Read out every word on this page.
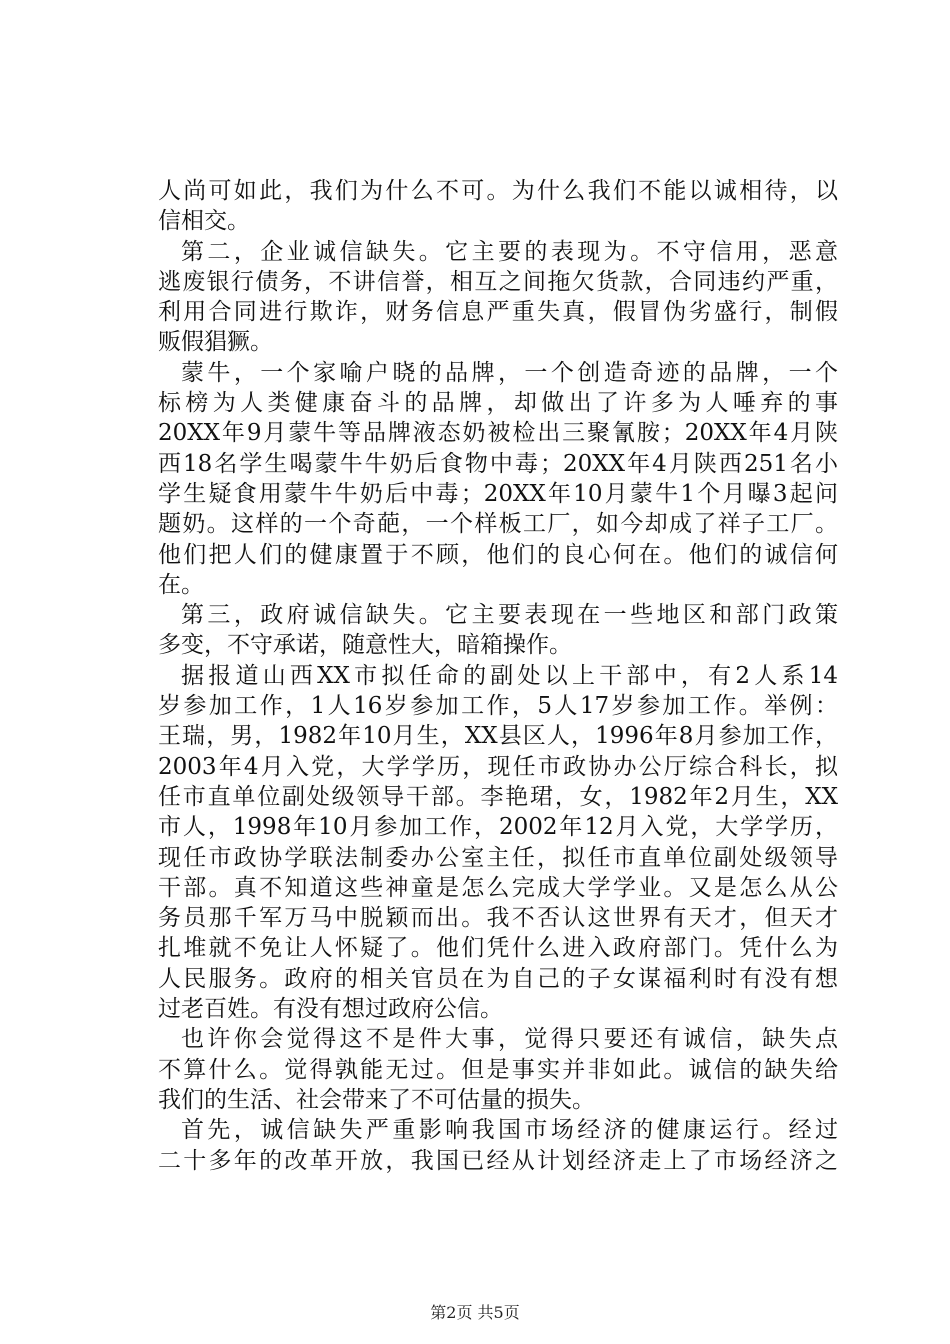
人尚可如此，我们为什么不可。为什么我们不能以诚相待，以
信相交。
第二，企业诚信缺失。它主要的表现为。不守信用，恶意
逃废银行债务，不讲信誉，相互之间拖欠货款，合同违约严重，
利用合同进行欺诈，财务信息严重失真，假冒伪劣盛行，制假
贩假猖獗。
蒙牛，一个家喻户晓的品牌，一个创造奇迹的品牌，一个
标榜为人类健康奋斗的品牌，却做出了许多为人唾弃的事
20XX年9月蒙牛等品牌液态奶被检出三聚氰胺；20XX年4月陕
西18名学生喝蒙牛牛奶后食物中毒；20XX年4月陕西251名小
学生疑食用蒙牛牛奶后中毒；20XX年10月蒙牛1个月曝3起问
题奶。这样的一个奇葩，一个样板工厂，如今却成了祥子工厂。
他们把人们的健康置于不顾，他们的良心何在。他们的诚信何
在。
第三，政府诚信缺失。它主要表现在一些地区和部门政策
多变，不守承诺，随意性大，暗箱操作。
据报道山西XX市拟任命的副处以上干部中，有2人系14
岁参加工作，1人16岁参加工作，5人17岁参加工作。举例：
王瑞，男，1982年10月生，XX县区人，1996年8月参加工作，
2003年4月入党，大学学历，现任市政协办公厅综合科长，拟
任市直单位副处级领导干部。李艳珺，女，1982年2月生，XX
市人，1998年10月参加工作，2002年12月入党，大学学历，
现任市政协学联法制委办公室主任，拟任市直单位副处级领导
干部。真不知道这些神童是怎么完成大学学业。又是怎么从公
务员那千军万马中脱颖而出。我不否认这世界有天才，但天才
扎堆就不免让人怀疑了。他们凭什么进入政府部门。凭什么为
人民服务。政府的相关官员在为自己的子女谋福利时有没有想
过老百姓。有没有想过政府公信。
也许你会觉得这不是件大事，觉得只要还有诚信，缺失点
不算什么。觉得孰能无过。但是事实并非如此。诚信的缺失给
我们的生活、社会带来了不可估量的损失。
首先，诚信缺失严重影响我国市场经济的健康运行。经过
二十多年的改革开放，我国已经从计划经济走上了市场经济之
第2页 共5页
